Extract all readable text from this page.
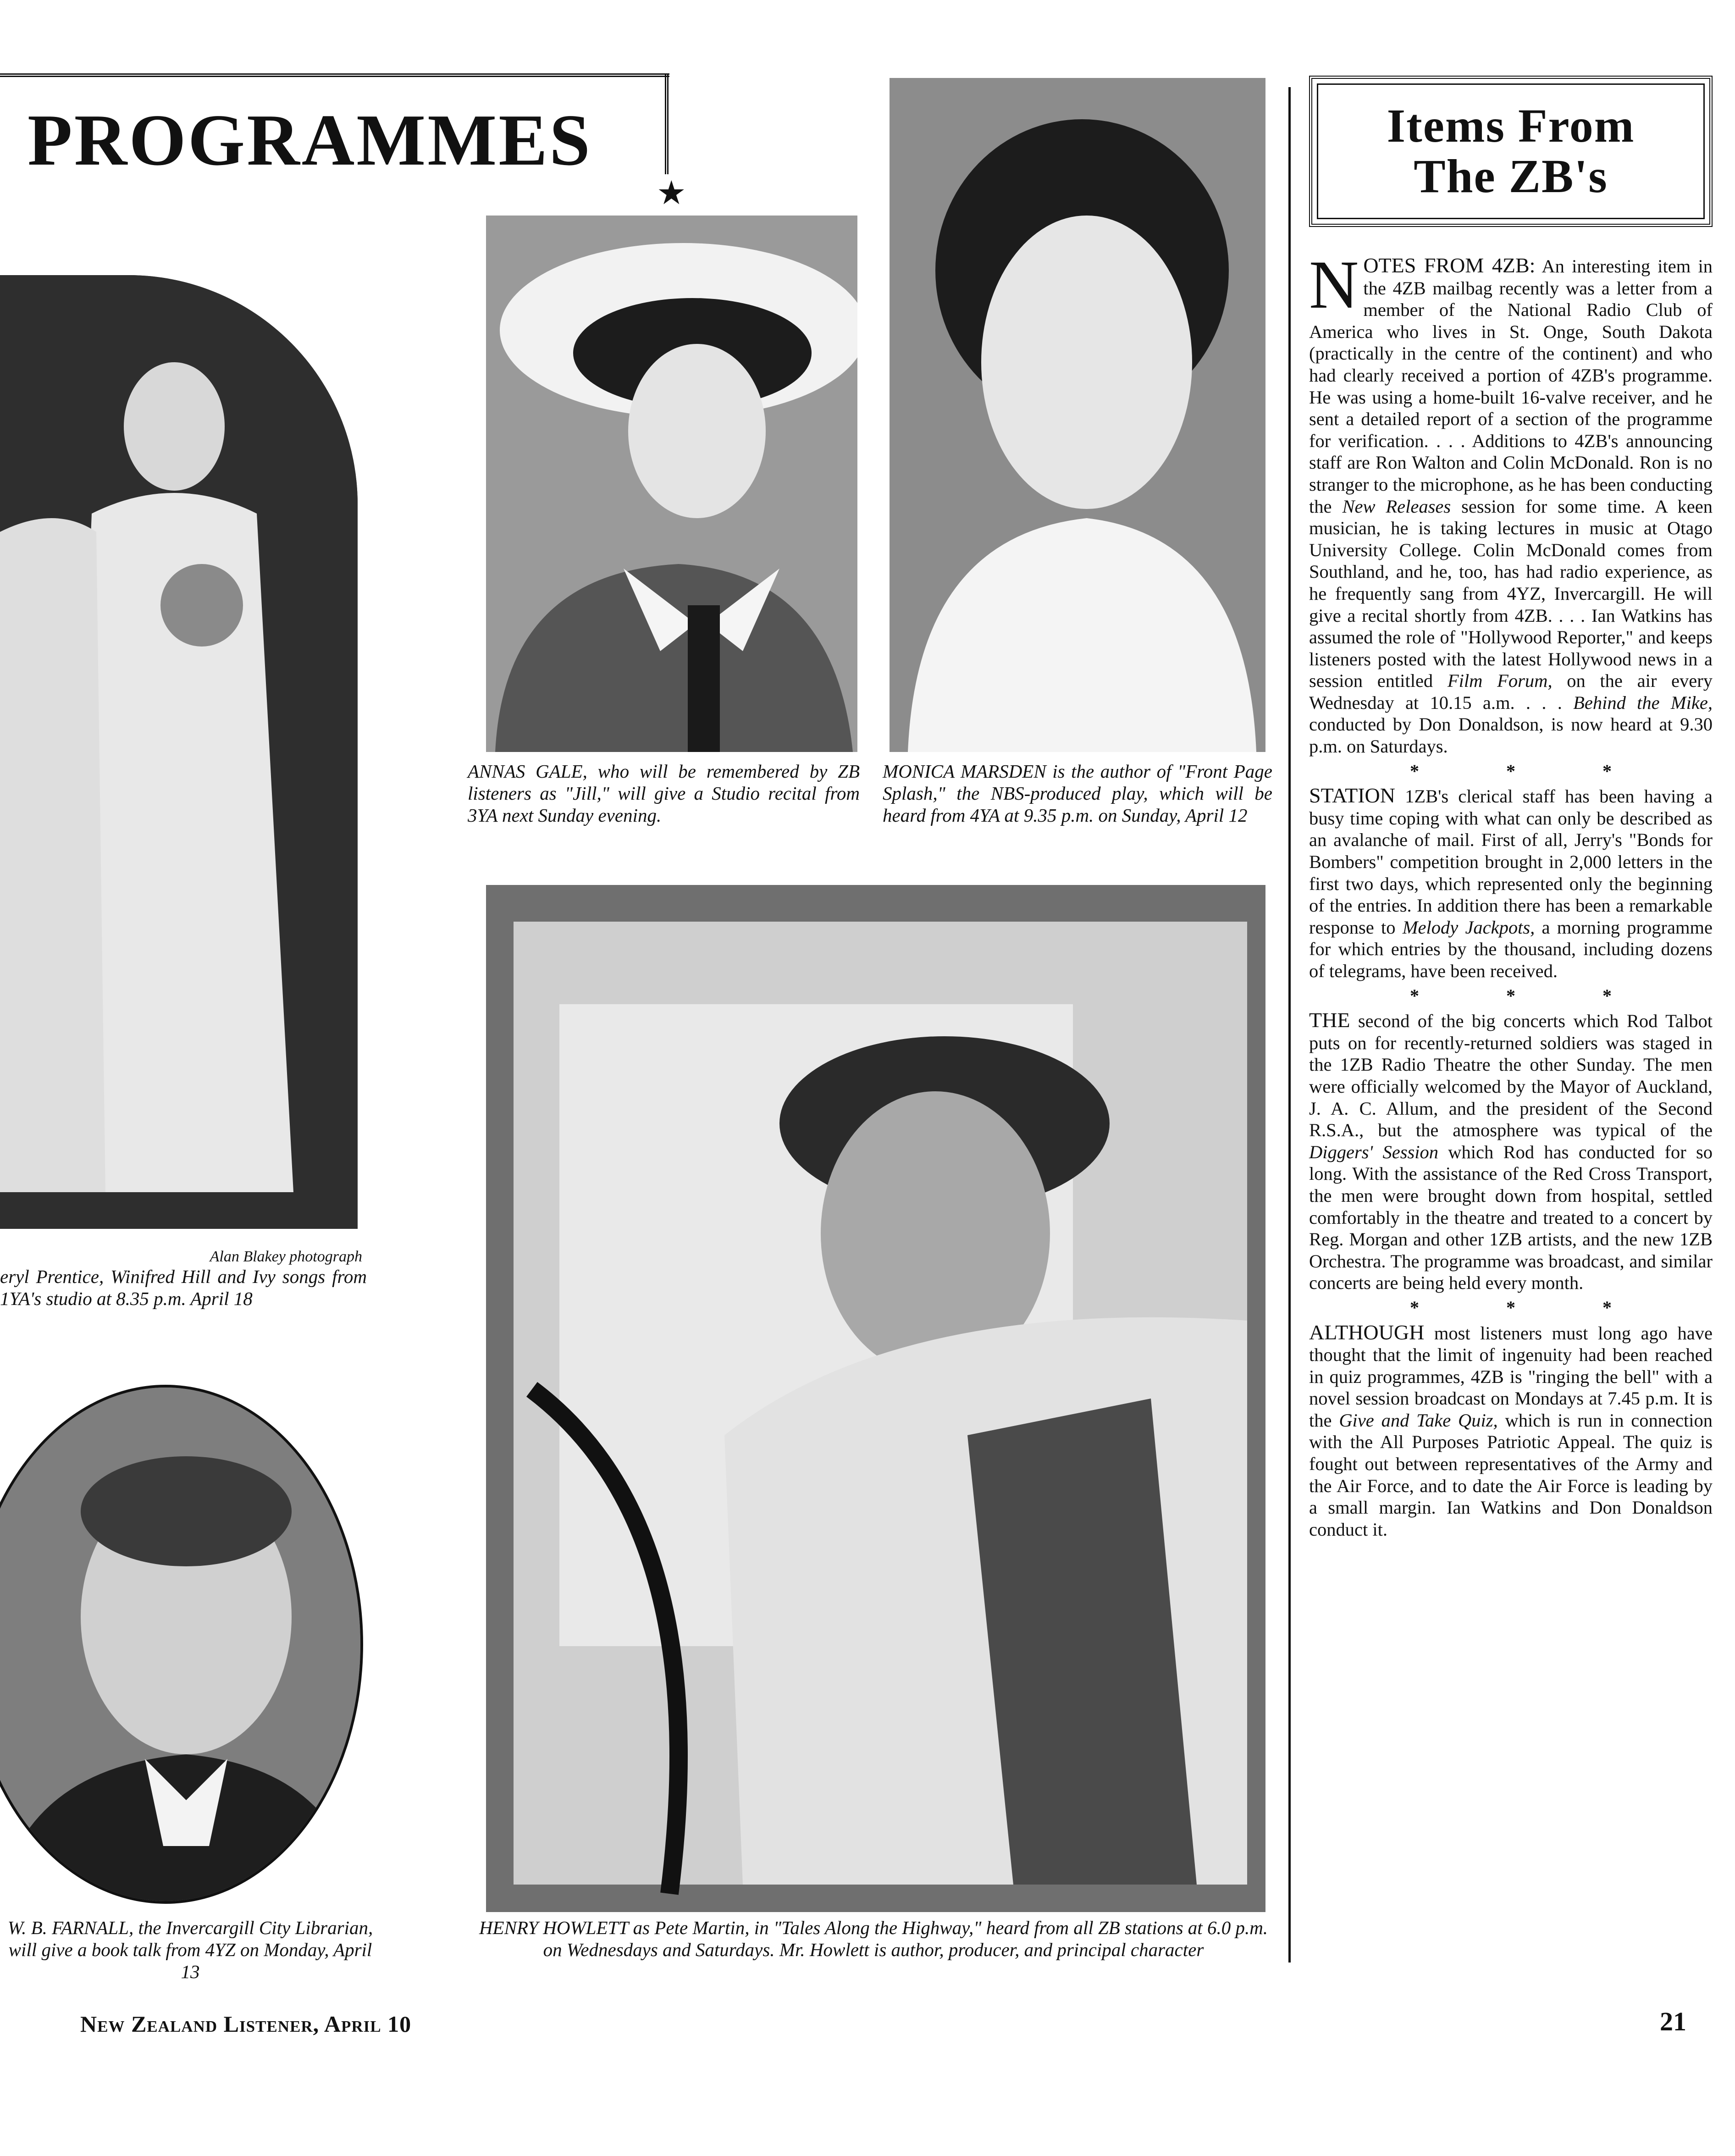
PROGRAMMES
★
Alan Blakey photograph
eryl Prentice, Winifred Hill and Ivy songs from 1YA's studio at 8.35 p.m. April 18
ANNAS GALE, who will be remembered by ZB listeners as "Jill," will give a Studio recital from 3YA next Sunday evening.
MONICA MARSDEN is the author of "Front Page Splash," the NBS-produced play, which will be heard from 4YA at 9.35 p.m. on Sunday, April 12
HENRY HOWLETT as Pete Martin, in "Tales Along the Highway," heard from all ZB stations at 6.0 p.m. on Wednesdays and Saturdays. Mr. Howlett is author, producer, and principal character
W. B. FARNALL, the Invercargill City Librarian, will give a book talk from 4YZ on Monday, April 13
Items From
The ZB's

NOTES FROM 4ZB: An interesting item in the 4ZB mailbag recently was a letter from a member of the National Radio Club of America who lives in St. Onge, South Dakota (practically in the centre of the continent) and who had clearly received a portion of 4ZB's programme. He was using a home-built 16-valve receiver, and he sent a detailed report of a section of the programme for verification. . . . Additions to 4ZB's announcing staff are Ron Walton and Colin McDonald. Ron is no stranger to the microphone, as he has been conducting the New Releases session for some time. A keen musician, he is taking lectures in music at Otago University College. Colin McDonald comes from Southland, and he, too, has had radio experience, as he frequently sang from 4YZ, Invercargill. He will give a recital shortly from 4ZB. . . . Ian Watkins has assumed the role of "Hollywood Reporter," and keeps listeners posted with the latest Hollywood news in a session entitled Film Forum, on the air every Wednesday at 10.15 a.m. . . . Behind the Mike, conducted by Don Donaldson, is now heard at 9.30 p.m. on Saturdays.

* * *

STATION 1ZB's clerical staff has been having a busy time coping with what can only be described as an avalanche of mail. First of all, Jerry's "Bonds for Bombers" competition brought in 2,000 letters in the first two days, which represented only the beginning of the entries. In addition there has been a remarkable response to Melody Jackpots, a morning programme for which entries by the thousand, including dozens of telegrams, have been received.

* * *

THE second of the big concerts which Rod Talbot puts on for recently-returned soldiers was staged in the 1ZB Radio Theatre the other Sunday. The men were officially welcomed by the Mayor of Auckland, J. A. C. Allum, and the president of the Second R.S.A., but the atmosphere was typical of the Diggers' Session which Rod has conducted for so long. With the assistance of the Red Cross Transport, the men were brought down from hospital, settled comfortably in the theatre and treated to a concert by Reg. Morgan and other 1ZB artists, and the new 1ZB Orchestra. The programme was broadcast, and similar concerts are being held every month.

* * *

ALTHOUGH most listeners must long ago have thought that the limit of ingenuity had been reached in quiz programmes, 4ZB is "ringing the bell" with a novel session broadcast on Mondays at 7.45 p.m. It is the Give and Take Quiz, which is run in connection with the All Purposes Patriotic Appeal. The quiz is fought out between representatives of the Army and the Air Force, and to date the Air Force is leading by a small margin. Ian Watkins and Don Donaldson conduct it.

New Zealand Listener, April 10	21
